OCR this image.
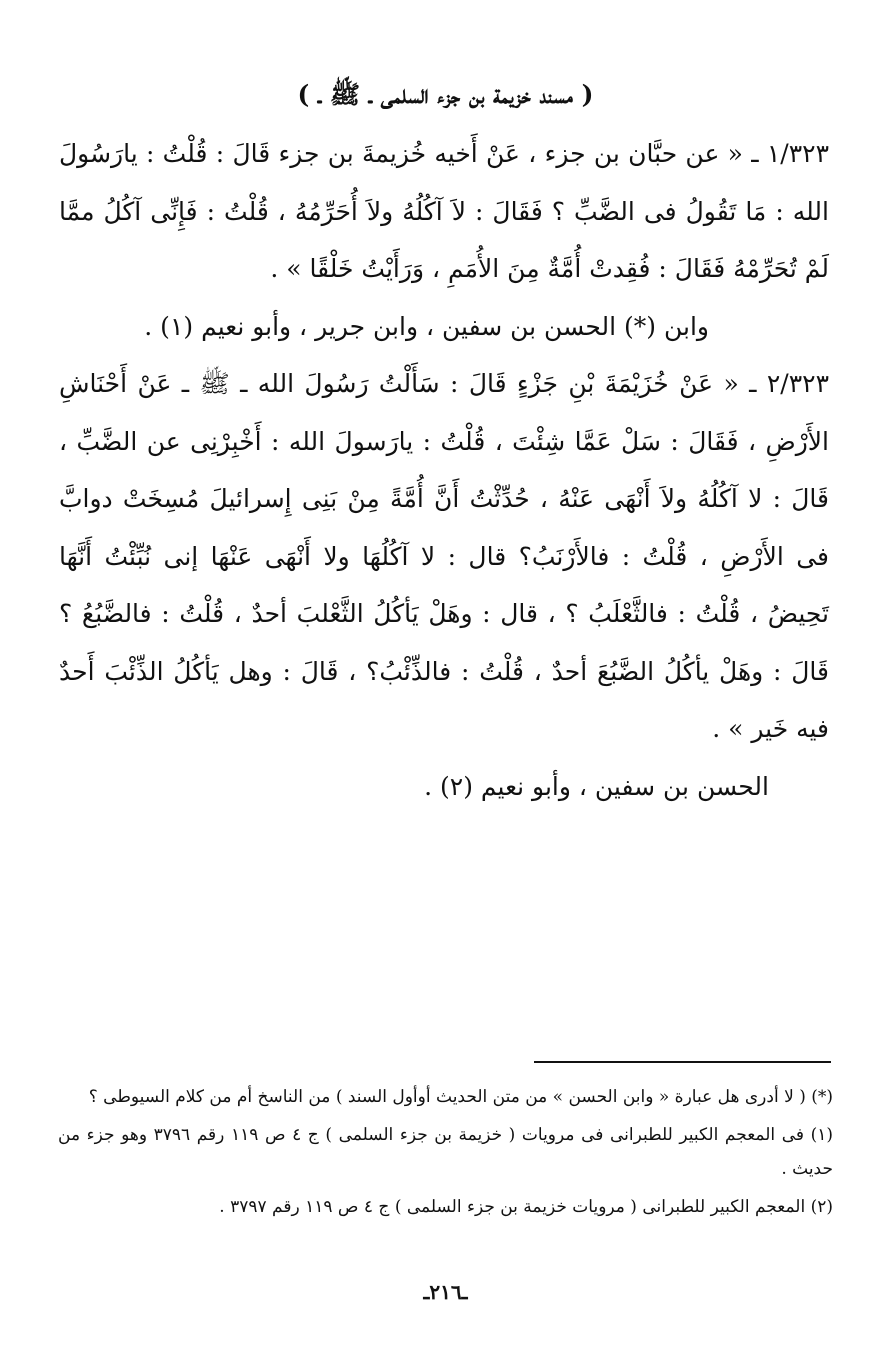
( مسند خزيمة بن جزء السلمى ـ ﷺ ـ )

١/٣٢٣ ـ « عن حبَّان بن جزء ، عَنْ أَخيه خُزيمةَ بن جزء قَالَ : قُلْتُ : يارَسُولَ الله : مَا تَقُولُ فى الضَّبِّ ؟ فَقَالَ : لاَ آكُلُهُ ولاَ أُحَرِّمُهُ ، قُلْتُ : فَإِنِّى آكُلُ ممَّا لَمْ تُحَرِّمْهُ فَقَالَ : فُقِدتْ أُمَّةٌ مِنَ الأُمَمِ ، وَرَأَيْتُ خَلْقًا » .

وابن (*) الحسن بن سفين ، وابن جرير ، وأبو نعيم (١) .

٢/٣٢٣ ـ « عَنْ خُزَيْمَةَ بْنِ جَزْءٍ قَالَ : سَأَلْتُ رَسُولَ الله ـ ﷺ ـ عَنْ أَحْنَاشِ الأَرْضِ ، فَقَالَ : سَلْ عَمَّا شِئْتَ ، قُلْتُ : يارَسولَ الله : أَخْبِرْنِى عن الضَّبِّ ، قَالَ : لا آكُلُهُ ولاَ أَنْهَى عَنْهُ ، حُدِّثْتُ أَنَّ أُمَّةً مِنْ بَنِى إِسرائيلَ مُسِخَتْ دوابَّ فى الأَرْضِ ، قُلْتُ : فالأَرْنَبُ؟ قال : لا آكُلُهَا ولا أَنْهَى عَنْهَا إنى نُبِّئْتُ أَنَّهَا تَحِيضُ ، قُلْتُ : فالثَّعْلَبُ ؟ ، قال : وهَلْ يَأكُلُ الثَّعْلبَ أحدٌ ، قُلْتُ : فالضَّبُعُ ؟ قَالَ : وهَلْ يأكُلُ الضَّبُعَ أحدٌ ، قُلْتُ : فالذِّئْبُ؟ ، قَالَ : وهل يَأكُلُ الذِّئْبَ أَحدٌ فيه خَير » .

الحسن بن سفين ، وأبو نعيم (٢) .

(*) ( لا أدرى هل عبارة « وابن الحسن » من متن الحديث أوأول السند ) من الناسخ أم من كلام السيوطى ؟

(١) فى المعجم الكبير للطبرانى فى مرويات ( خزيمة بن جزء السلمى ) ج ٤ ص ١١٩ رقم ٣٧٩٦ وهو جزء من حديث .

(٢) المعجم الكبير للطبرانى ( مرويات خزيمة بن جزء السلمى ) ج ٤ ص ١١٩ رقم ٣٧٩٧ .

ـ٢١٦ـ
